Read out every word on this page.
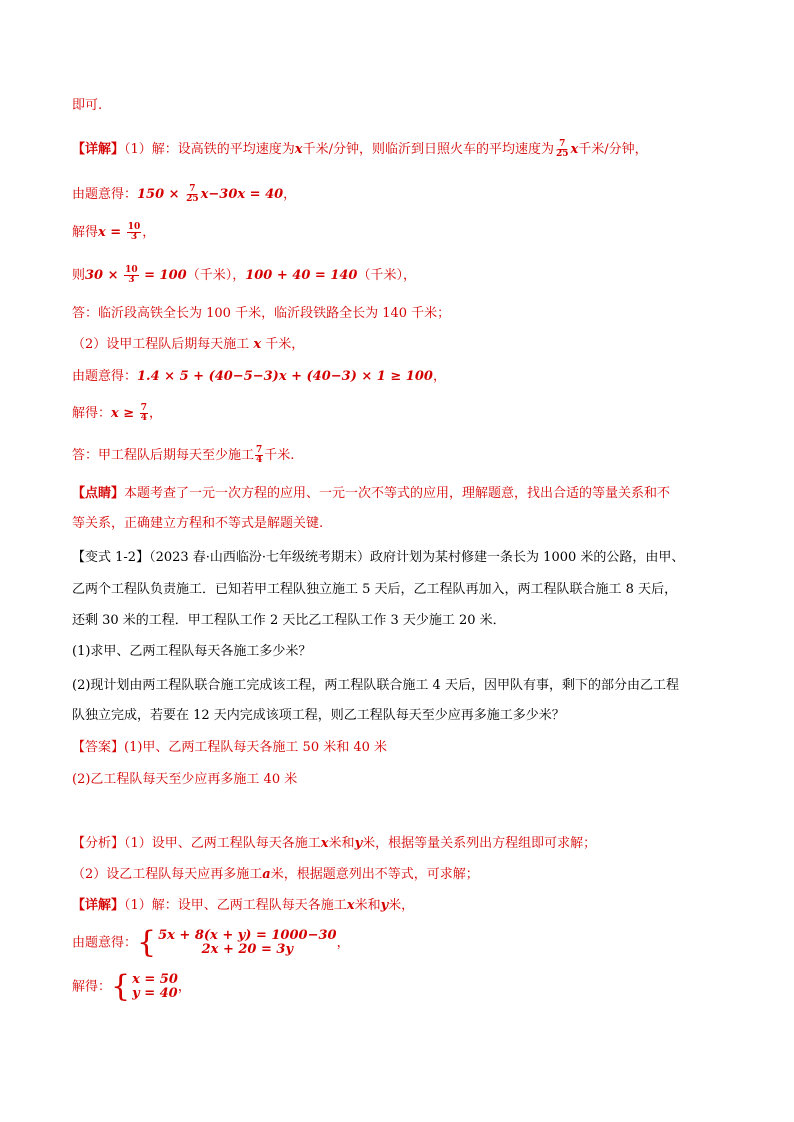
即可.
【详解】（1）解：设高铁的平均速度为x千米/分钟，则临沂到日照火车的平均速度为 $\frac{7}{25}$ x千米/分钟，
由题意得：$150 \times \frac{7}{25} x-30x = 40$，
解得$x = \frac{10}{3}$ ，
则$30 \times \frac{10}{3} = 100$（千米），100 + 40 = 140（千米），
答：临沂段高铁全长为 100 千米，临沂段铁路全长为 140 千米；
（2）设甲工程队后期每天施工 x 千米，
由题意得：1.4 × 5 + (40−5−3)x + (40−3) × 1 ≥ 100，
解得：$x \ge \frac{7}{4}$ ，
答：甲工程队后期每天至少施工 $\frac{7}{4}$ 千米.
【点睛】本题考查了一元一次方程的应用、一元一次不等式的应用，理解题意，找出合适的等量关系和不
等关系，正确建立方程和不等式是解题关键.
【变式 1-2】（2023 春·山西临汾·七年级统考期末）政府计划为某村修建一条长为 1000 米的公路，由甲、
乙两个工程队负责施工．已知若甲工程队独立施工 5 天后，乙工程队再加入，两工程队联合施工 8 天后，
还剩 30 米的工程．甲工程队工作 2 天比乙工程队工作 3 天少施工 20 米．
(1)求甲、乙两工程队每天各施工多少米？
(2)现计划由两工程队联合施工完成该工程，两工程队联合施工 4 天后，因甲队有事，剩下的部分由乙工程
队独立完成，若要在 12 天内完成该项工程，则乙工程队每天至少应再多施工多少米？
【答案】(1)甲、乙两工程队每天各施工 50 米和 40 米
(2)乙工程队每天至少应再多施工 40 米
【分析】（1）设甲、乙两工程队每天各施工x米和y米，根据等量关系列出方程组即可求解；
（2）设乙工程队每天应再多施工a米，根据题意列出不等式，可求解；
【详解】（1）解：设甲、乙两工程队每天各施工x米和y米，
由题意得：{ 5x + 8(x + y) = 1000−30
2x + 20 = 3y	，
解得：{ x = 50
y = 40 ，
